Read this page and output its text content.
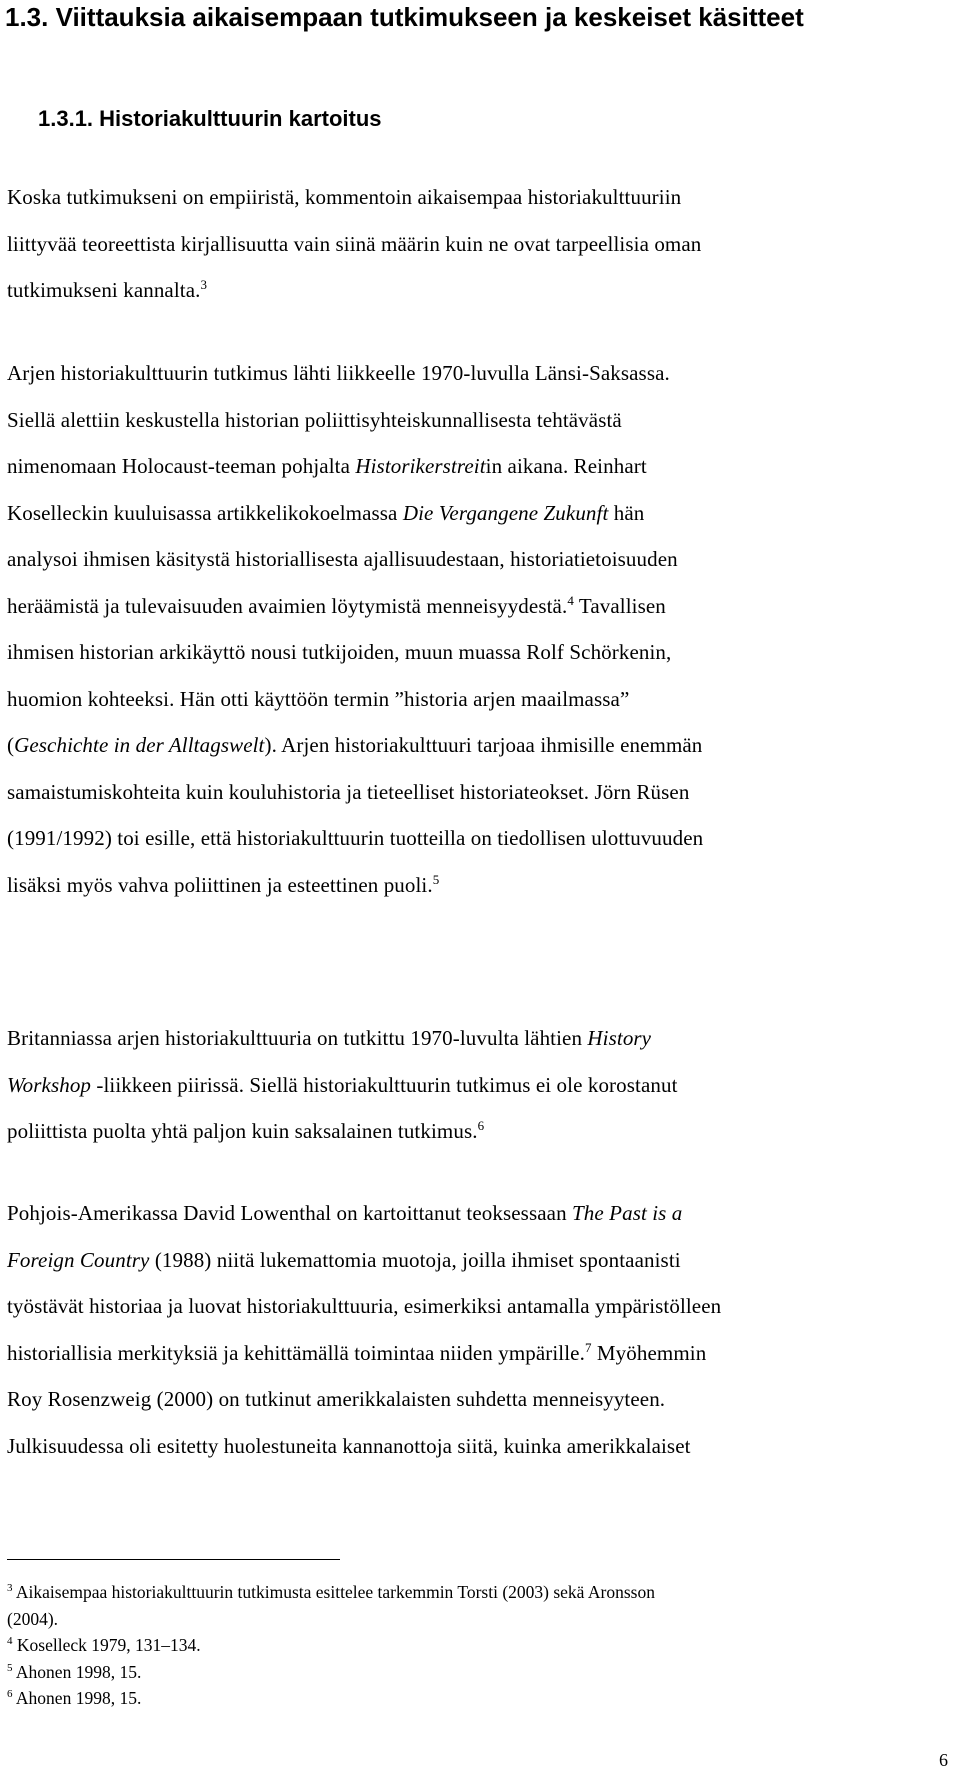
1.3. Viittauksia aikaisempaan tutkimukseen ja keskeiset käsitteet
1.3.1. Historiakulttuurin kartoitus
Koska tutkimukseni on empiiristä, kommentoin aikaisempaa historiakulttuuriin
liittyvää teoreettista kirjallisuutta vain siinä määrin kuin ne ovat tarpeellisia oman
tutkimukseni kannalta.$^3$
Arjen historiakulttuurin tutkimus lähti liikkeelle 1970-luvulla Länsi-Saksassa.
Siellä alettiin keskustella historian poliittisyhteiskunnallisesta tehtävästä
nimenomaan Holocaust-teeman pohjalta Historikerstreitin aikana. Reinhart
Koselleckin kuuluisassa artikkelikokoelmassa Die Vergangene Zukunft hän
analysoi ihmisen käsitystä historiallisesta ajallisuudestaan, historiatietoisuuden
heräämistä ja tulevaisuuden avaimien löytymistä menneisyydestä.$^4$ Tavallisen
ihmisen historian arkikäyttö nousi tutkijoiden, muun muassa Rolf Schörkenin,
huomion kohteeksi. Hän otti käyttöön termin ”historia arjen maailmassa”
(Geschichte in der Alltagswelt). Arjen historiakulttuuri tarjoaa ihmisille enemmän
samaistumiskohteita kuin kouluhistoria ja tieteelliset historiateokset. Jörn Rüsen
(1991/1992) toi esille, että historiakulttuurin tuotteilla on tiedollisen ulottuvuuden
lisäksi myös vahva poliittinen ja esteettinen puoli.$^5$
Britanniassa arjen historiakulttuuria on tutkittu 1970-luvulta lähtien History
Workshop -liikkeen piirissä. Siellä historiakulttuurin tutkimus ei ole korostanut
poliittista puolta yhtä paljon kuin saksalainen tutkimus.$^6$
Pohjois-Amerikassa David Lowenthal on kartoittanut teoksessaan The Past is a
Foreign Country (1988) niitä lukemattomia muotoja, joilla ihmiset spontaanisti
työstävät historiaa ja luovat historiakulttuuria, esimerkiksi antamalla ympäristölleen
historiallisia merkityksiä ja kehittämällä toimintaa niiden ympärille.$^7$ Myöhemmin
Roy Rosenzweig (2000) on tutkinut amerikkalaisten suhdetta menneisyyteen.
Julkisuudessa oli esitetty huolestuneita kannanottoja siitä, kuinka amerikkalaiset
$^3$ Aikaisempaa historiakulttuurin tutkimusta esittelee tarkemmin Torsti (2003) sekä Aronsson
(2004).
$^4$ Koselleck 1979, 131–134.
$^5$ Ahonen 1998, 15.
$^6$ Ahonen 1998, 15.
6
